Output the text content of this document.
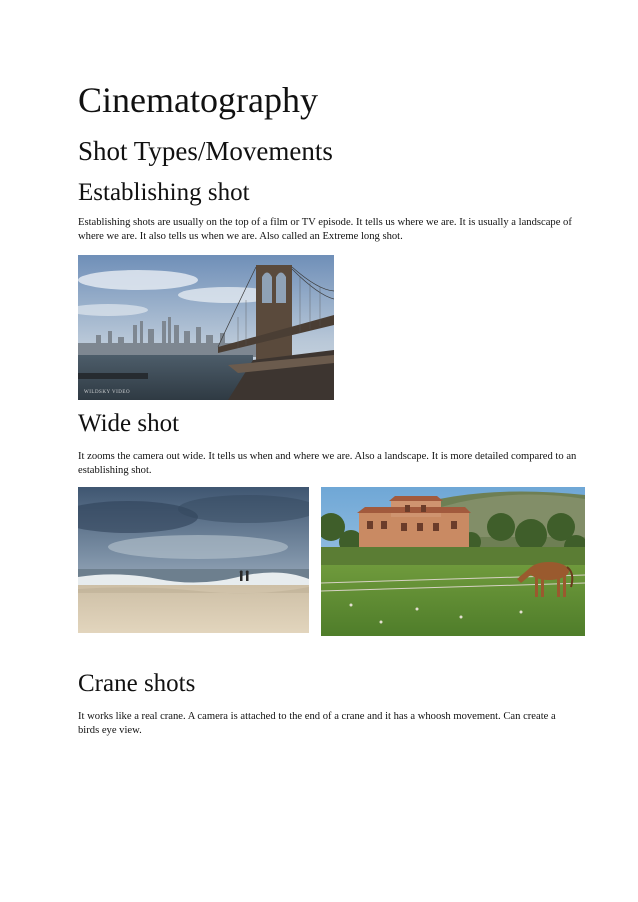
Cinematography
Shot Types/Movements
Establishing shot

Establishing shots are usually on the top of a film or TV episode. It tells us where we are. It is usually a landscape of where we are. It also tells us when we are. Also called an Extreme long shot.

WILDSKY VIDEO
Wide shot

It zooms the camera out wide. It tells us when and where we are. Also a landscape. It is more detailed compared to an establishing shot.

Crane shots

It works like a real crane. A camera is attached to the end of a crane and it has a whoosh movement. Can create a birds eye view.
